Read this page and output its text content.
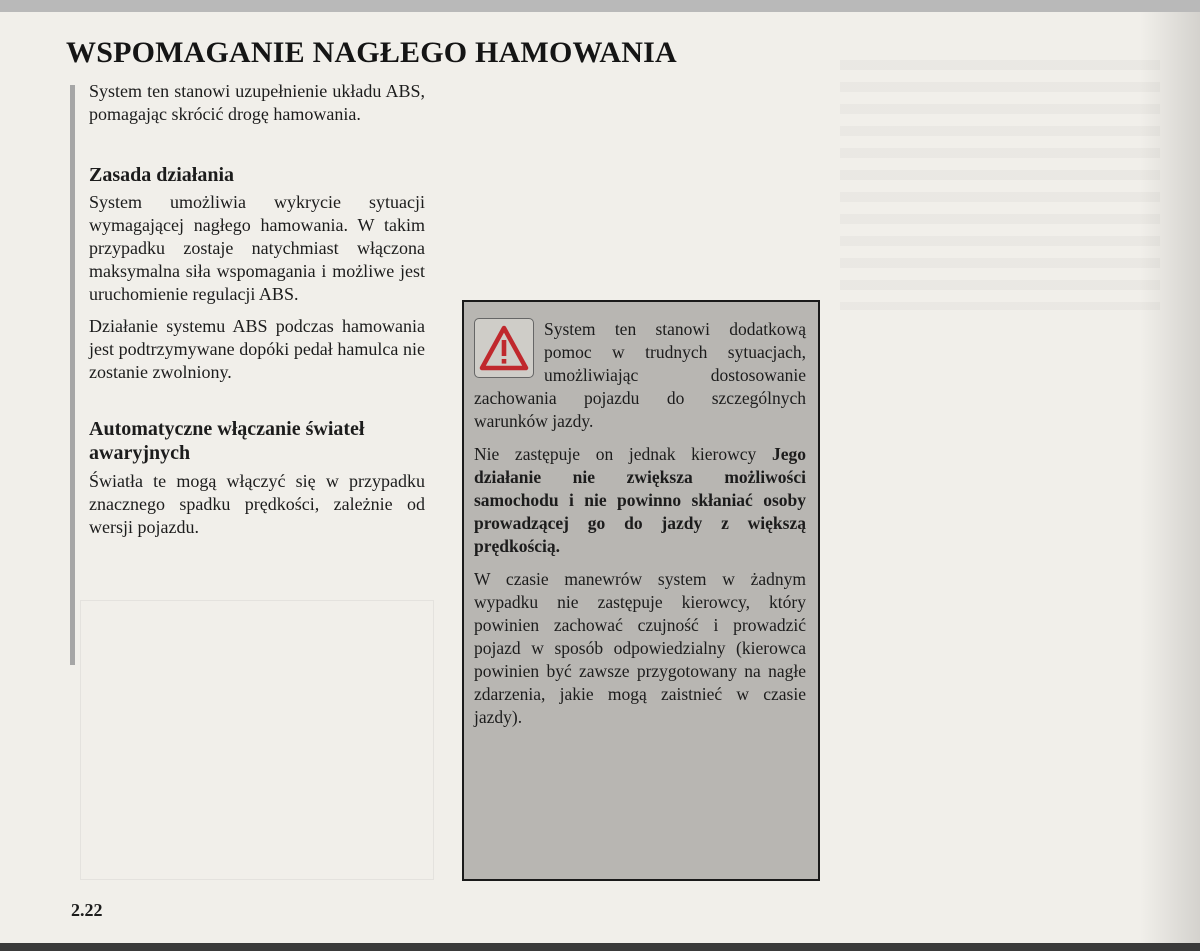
WSPOMAGANIE NAGŁEGO HAMOWANIA

System ten stanowi uzupełnienie układu ABS, pomagając skrócić drogę hamowania.

Zasada działania

System umożliwia wykrycie sytuacji wymagającej nagłego hamowania. W takim przypadku zostaje natychmiast włączona maksymalna siła wspomagania i możliwe jest uruchomienie regulacji ABS.

Działanie systemu ABS podczas hamowania jest podtrzymywane dopóki pedał hamulca nie zostanie zwolniony.

Automatyczne włączanie świateł awaryjnych

Światła te mogą włączyć się w przypadku znacznego spadku prędkości, zależnie od wersji pojazdu.

System ten stanowi dodatkową pomoc w trudnych sytuacjach, umożliwiając dostosowanie zachowania pojazdu do szczególnych warunków jazdy.

Nie zastępuje on jednak kierowcy Jego działanie nie zwiększa możliwości samochodu i nie powinno skłaniać osoby prowadzącej go do jazdy z większą prędkością.

W czasie manewrów system w żadnym wypadku nie zastępuje kierowcy, który powinien zachować czujność i prowadzić pojazd w sposób odpowiedzialny (kierowca powinien być zawsze przygotowany na nagłe zdarzenia, jakie mogą zaistnieć w czasie jazdy).

2.22
